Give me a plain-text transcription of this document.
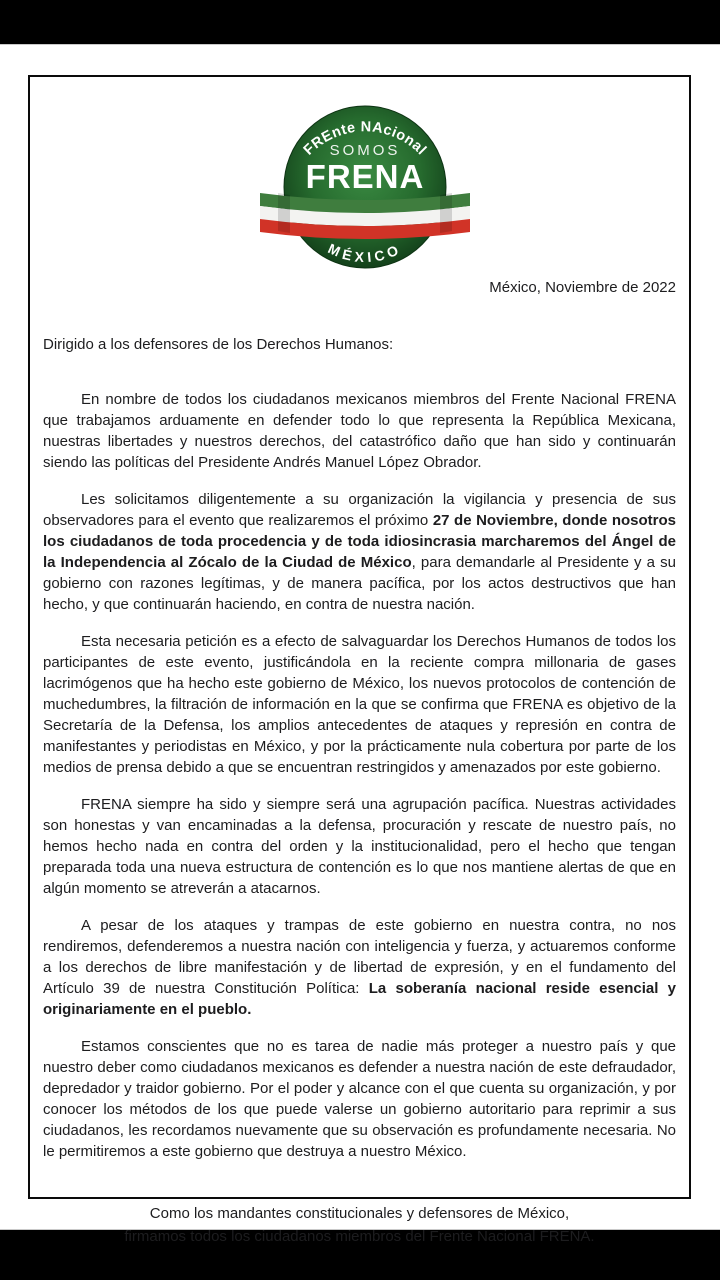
FREnte NAcional
SOMOS
FRENA
MÉXICO
México, Noviembre de 2022
Dirigido a los defensores de los Derechos Humanos:

En nombre de todos los ciudadanos mexicanos miembros del Frente Nacional FRENA que trabajamos arduamente en defender todo lo que representa la República Mexicana, nuestras libertades y nuestros derechos, del catastrófico daño que han sido y continuarán siendo las políticas del Presidente Andrés Manuel López Obrador.

Les solicitamos diligentemente a su organización la vigilancia y presencia de sus observadores para el evento que realizaremos el próximo 27 de Noviembre, donde nosotros los ciudadanos de toda procedencia y de toda idiosincrasia marcharemos del Ángel de la Independencia al Zócalo de la Ciudad de México, para demandarle al Presidente y a su gobierno con razones legítimas, y de manera pacífica, por los actos destructivos que han hecho, y que continuarán haciendo, en contra de nuestra nación.

Esta necesaria petición es a efecto de salvaguardar los Derechos Humanos de todos los participantes de este evento, justificándola en la reciente compra millonaria de gases lacrimógenos que ha hecho este gobierno de México, los nuevos protocolos de contención de muchedumbres, la filtración de información en la que se confirma que FRENA es objetivo de la Secretaría de la Defensa, los amplios antecedentes de ataques y represión en contra de manifestantes y periodistas en México, y por la prácticamente nula cobertura por parte de los medios de prensa debido a que se encuentran restringidos y amenazados por este gobierno.

FRENA siempre ha sido y siempre será una agrupación pacífica. Nuestras actividades son honestas y van encaminadas a la defensa, procuración y rescate de nuestro país, no hemos hecho nada en contra del orden y la institucionalidad, pero el hecho que tengan preparada toda una nueva estructura de contención es lo que nos mantiene alertas de que en algún momento se atreverán a atacarnos.

A pesar de los ataques y trampas de este gobierno en nuestra contra, no nos rendiremos, defenderemos a nuestra nación con inteligencia y fuerza, y actuaremos conforme a los derechos de libre manifestación y de libertad de expresión, y en el fundamento del Artículo 39 de nuestra Constitución Política: La soberanía nacional reside esencial y originariamente en el pueblo.

Estamos conscientes que no es tarea de nadie más proteger a nuestro país y que nuestro deber como ciudadanos mexicanos es defender a nuestra nación de este defraudador, depredador y traidor gobierno. Por el poder y alcance con el que cuenta su organización, y por conocer los métodos de los que puede valerse un gobierno autoritario para reprimir a sus ciudadanos, les recordamos nuevamente que su observación es profundamente necesaria. No le permitiremos a este gobierno que destruya a nuestro México.

Como los mandantes constitucionales y defensores de México,
firmamos todos los ciudadanos miembros del Frente Nacional FRENA.
